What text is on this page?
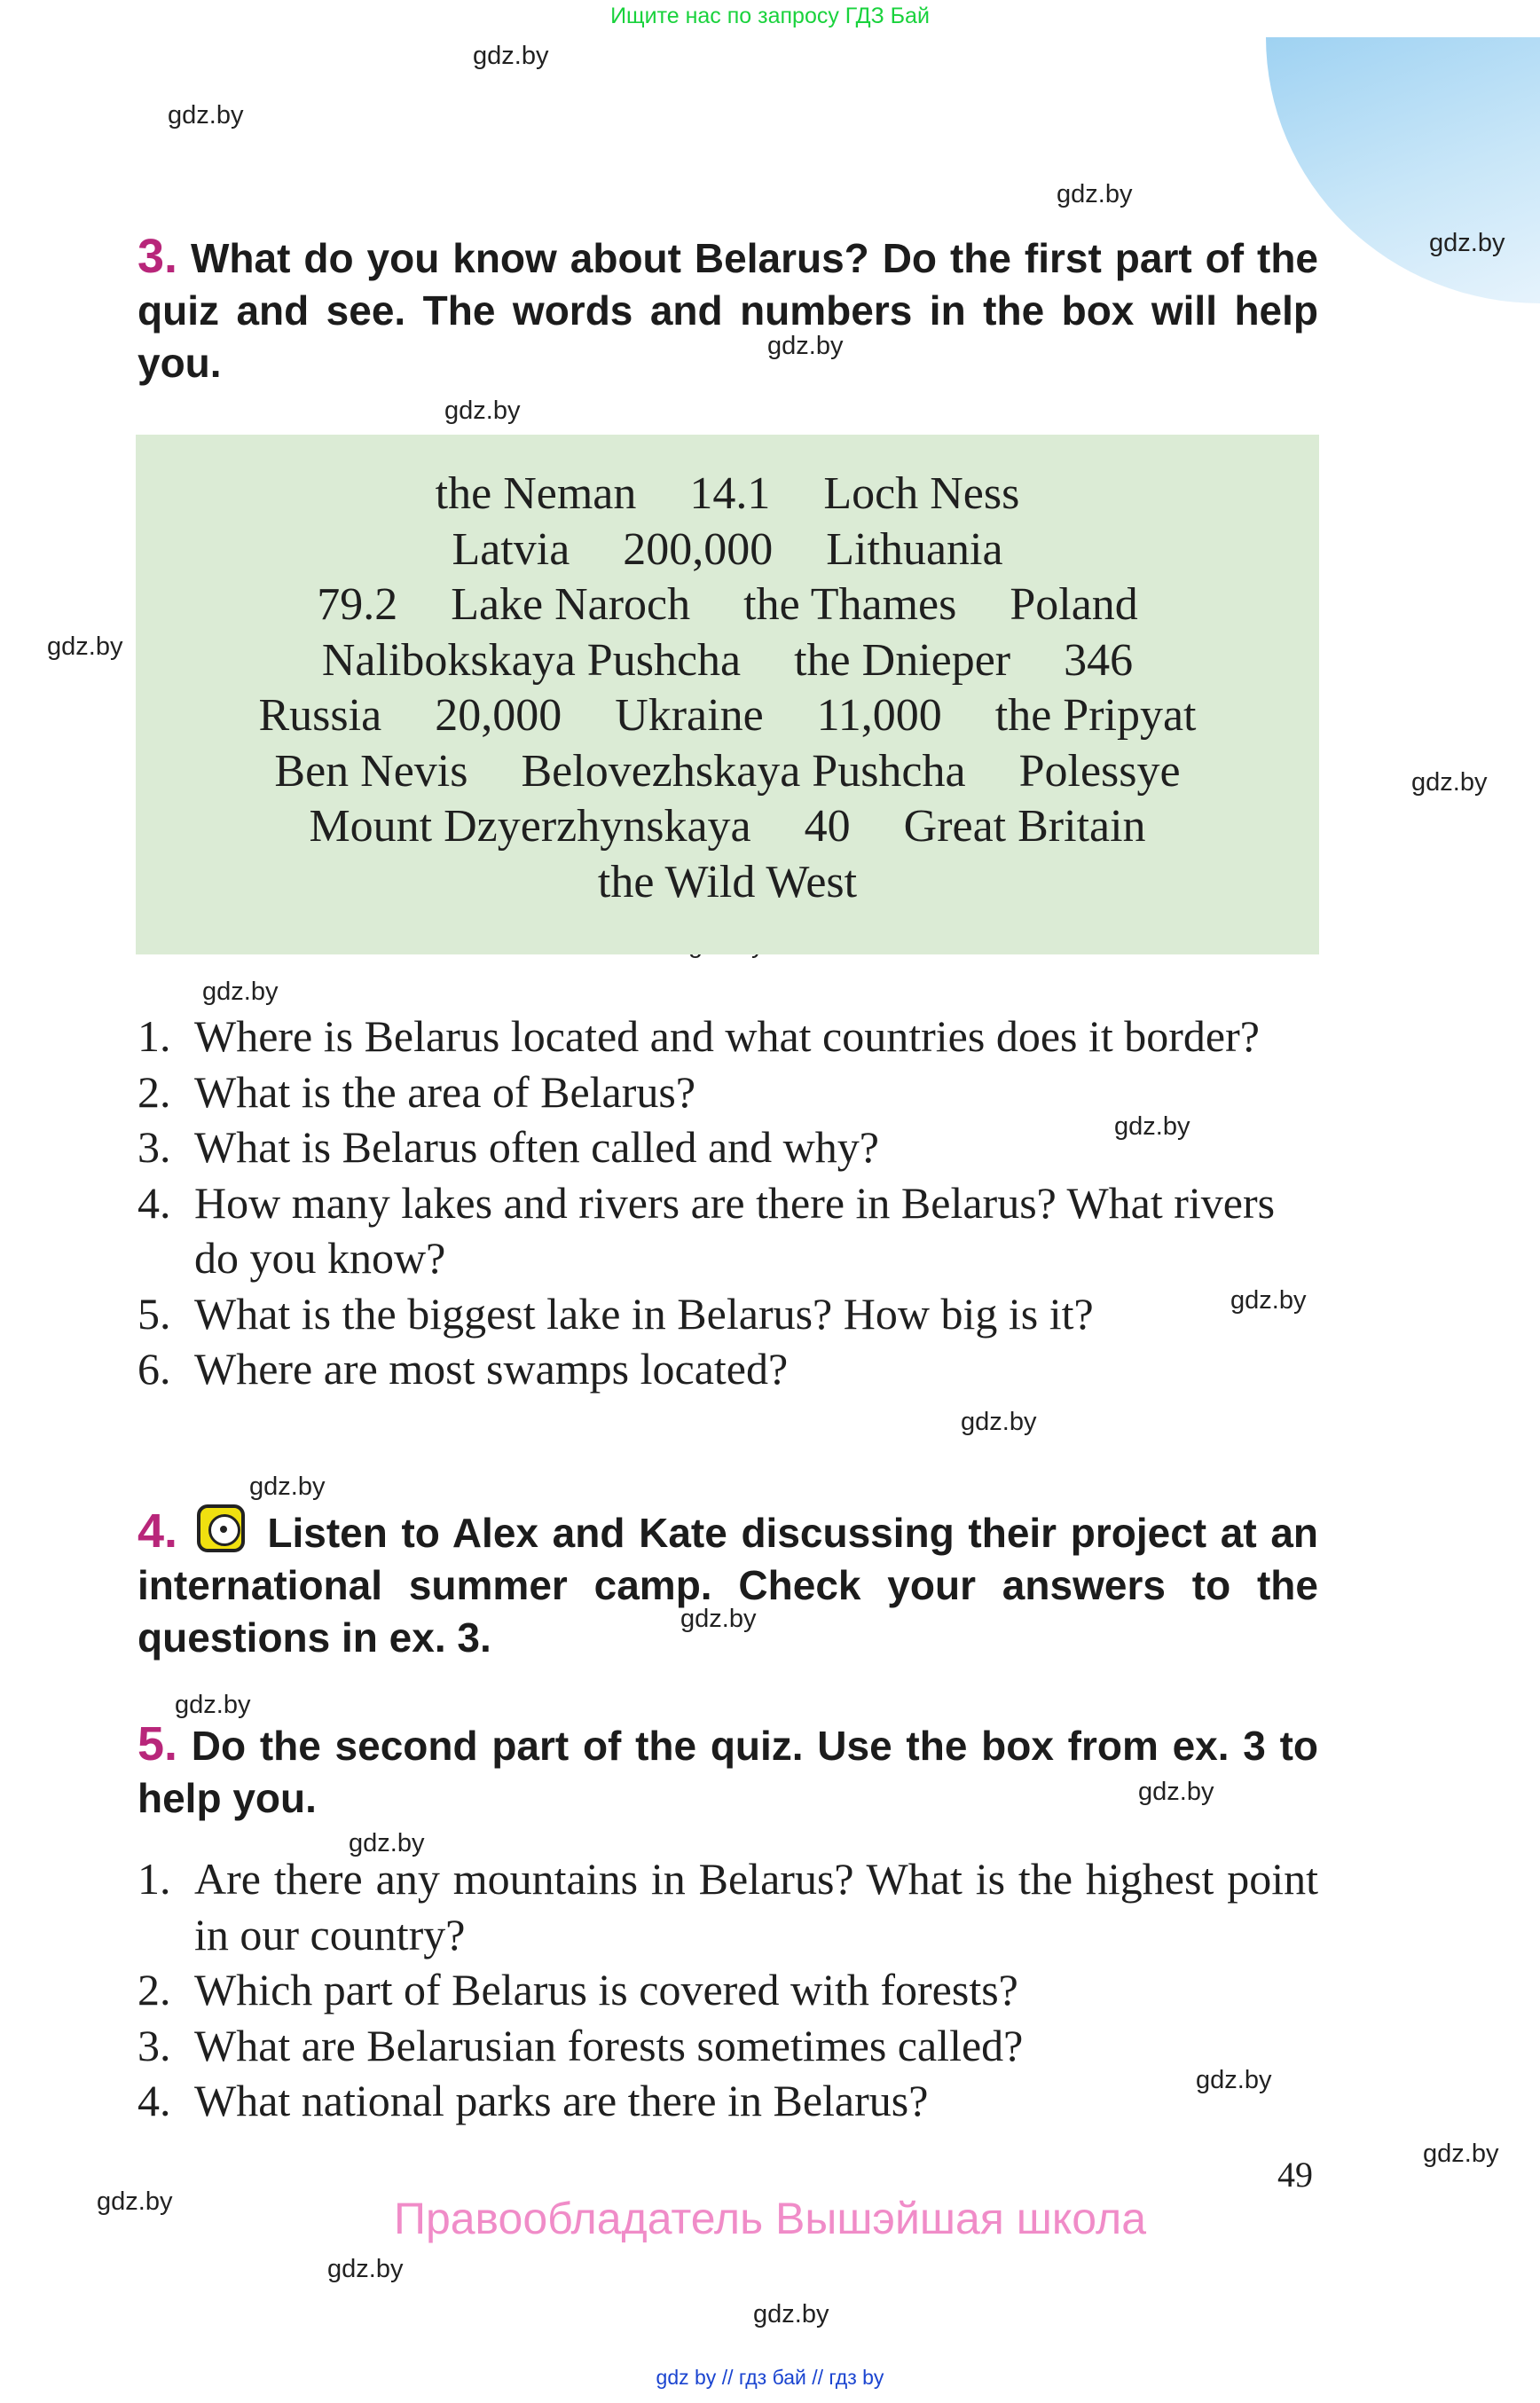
Ищите нас по запросу ГДЗ Бай
gdz.by
gdz.by
gdz.by
gdz.by
gdz.by
gdz.by
gdz.by
gdz.by
gdz.by
gdz.by
gdz.by
gdz.by
gdz.by
gdz.by
gdz.by
gdz.by
gdz.by
gdz.by
gdz.by
gdz.by
gdz.by
gdz.by
3. What do you know about Belarus? Do the first part of the quiz and see. The words and numbers in the box will help you.
the Neman 14.1 Loch Ness
Latvia 200,000 Lithuania
79.2 Lake Naroch the Thames Poland
Nalibokskaya Pushcha the Dnieper 346
Russia 20,000 Ukraine 11,000 the Pripyat
Ben Nevis Belovezhskaya Pushcha Polessye
Mount Dzyerzhynskaya 40 Great Britain
the Wild West
1. Where is Belarus located and what countries does it border?
2. What is the area of Belarus?
3. What is Belarus often called and why?
4. How many lakes and rivers are there in Belarus? What rivers do you know?
5. What is the biggest lake in Belarus? How big is it?
6. Where are most swamps located?
4. Listen to Alex and Kate discussing their project at an international summer camp. Check your answers to the questions in ex. 3.
5. Do the second part of the quiz. Use the box from ex. 3 to help you.
1. Are there any mountains in Belarus? What is the highest point in our country?
2. Which part of Belarus is covered with forests?
3. What are Belarusian forests sometimes called?
4. What national parks are there in Belarus?
49
Правообладатель Вышэйшая школа
gdz by // гдз бай // гдз by
